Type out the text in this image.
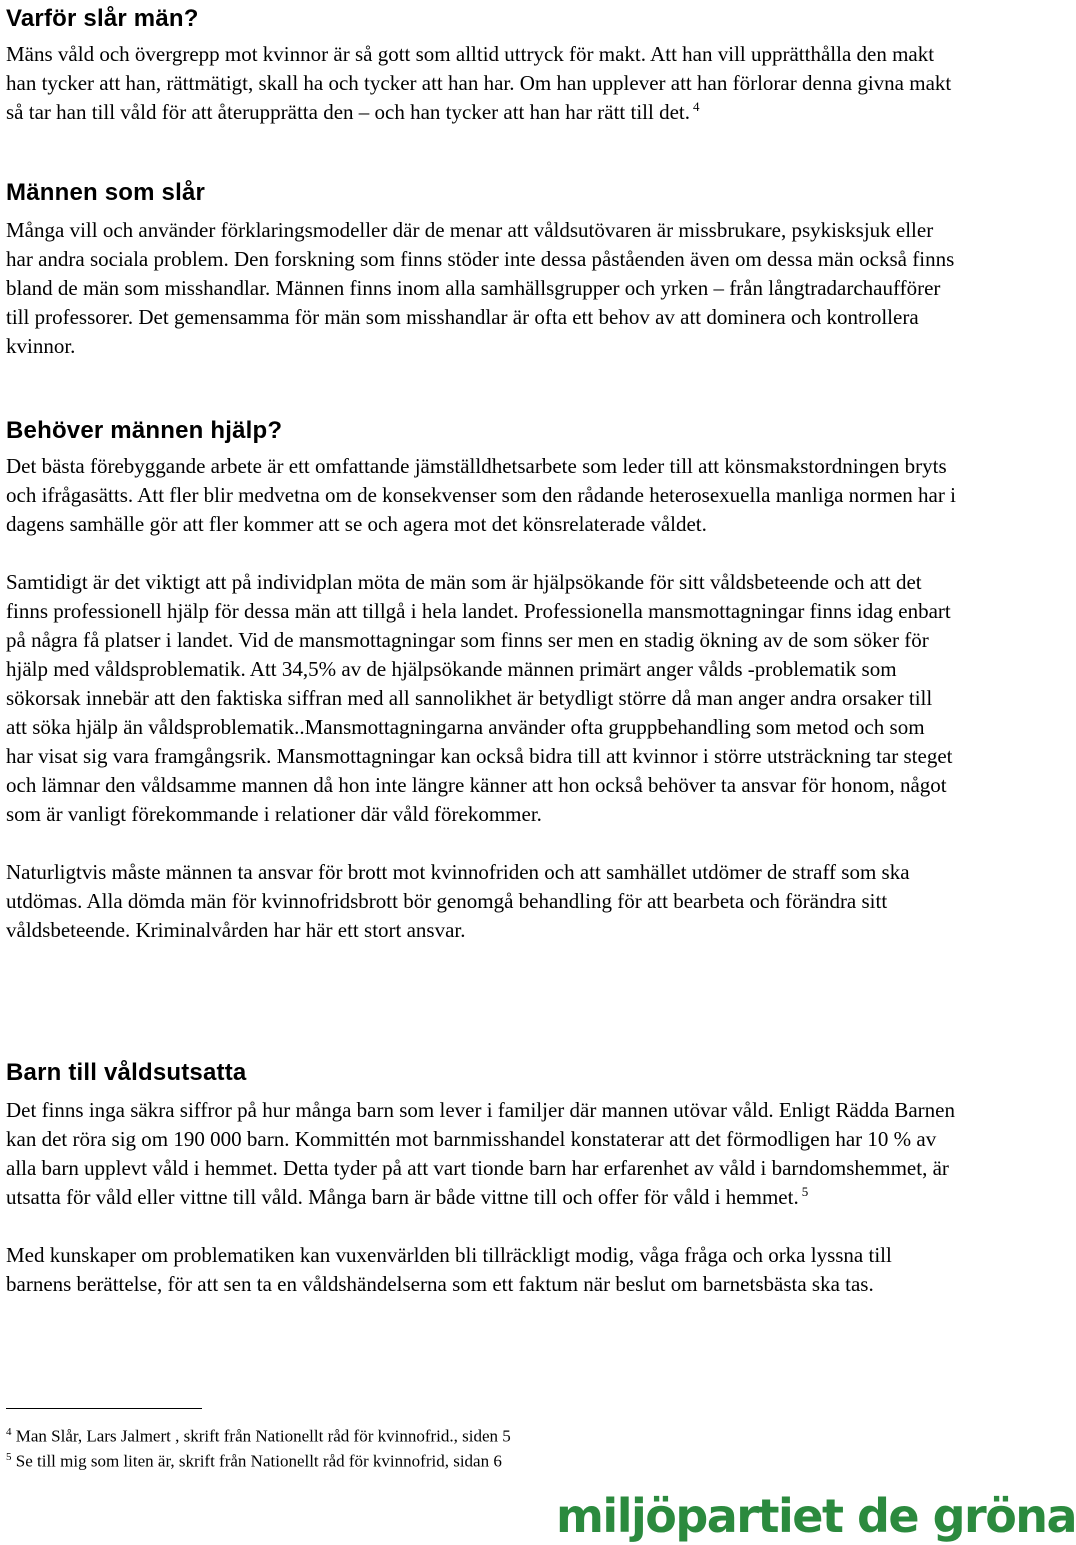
Varför slår män?

Mäns våld och övergrepp mot kvinnor är så gott som alltid uttryck för makt. Att han vill upprätthålla den makt han tycker att han, rättmätigt, skall ha och tycker att han har. Om han upplever att han förlorar denna givna makt så tar han till våld för att återupprätta den – och han tycker att han har rätt till det. $^4$

Männen som slår

Många vill och använder förklaringsmodeller där de menar att våldsutövaren är missbrukare, psykisksjuk eller har andra sociala problem. Den forskning som finns stöder inte dessa påståenden även om dessa män också finns bland de män som misshandlar. Männen finns inom alla samhällsgrupper och yrken – från långtradarchaufförer till professorer. Det gemensamma för män som misshandlar är ofta ett behov av att dominera och kontrollera kvinnor.

Behöver männen hjälp?

Det bästa förebyggande arbete är ett omfattande jämställdhetsarbete som leder till att könsmakstordningen bryts och ifrågasätts. Att fler blir medvetna om de konsekvenser som den rådande heterosexuella manliga normen har i dagens samhälle gör att fler kommer att se och agera mot det könsrelaterade våldet.

Samtidigt är det viktigt att på individplan möta de män som är hjälpsökande för sitt våldsbeteende och att det finns professionell hjälp för dessa män att tillgå i hela landet. Professionella mansmottagningar finns idag enbart på några få platser i landet. Vid de mansmottagningar som finns ser men en stadig ökning av de som söker för hjälp med våldsproblematik. Att 34,5% av de hjälpsökande männen primärt anger vålds -problematik som sökorsak innebär att den faktiska siffran med all sannolikhet är betydligt större då man anger andra orsaker till att söka hjälp än våldsproblematik..Mansmottagningarna använder ofta gruppbehandling som metod och som har visat sig vara framgångsrik. Mansmottagningar kan också bidra till att kvinnor i större utsträckning tar steget och lämnar den våldsamme mannen då hon inte längre känner att hon också behöver ta ansvar för honom, något som är vanligt förekommande i relationer där våld förekommer.

Naturligtvis måste männen ta ansvar för brott mot kvinnofriden och att samhället utdömer de straff som ska utdömas. Alla dömda män för kvinnofridsbrott bör genomgå behandling för att bearbeta och förändra sitt våldsbeteende. Kriminalvården har här ett stort ansvar.

Barn till våldsutsatta

Det finns inga säkra siffror på hur många barn som lever i familjer där mannen utövar våld. Enligt Rädda Barnen kan det röra sig om 190 000 barn. Kommittén mot barnmisshandel konstaterar att det förmodligen har 10 % av alla barn upplevt våld i hemmet. Detta tyder på att vart tionde barn har erfarenhet av våld i barndomshemmet, är utsatta för våld eller vittne till våld. Många barn är både vittne till och offer för våld i hemmet. $^5$

Med kunskaper om problematiken kan vuxenvärlden bli tillräckligt modig, våga fråga och orka lyssna till barnens berättelse, för att sen ta en våldshändelserna som ett faktum när beslut om barnetsbästa ska tas.

$^4$ Man Slår, Lars Jalmert , skrift från Nationellt råd för kvinnofrid., siden 5
$^5$ Se till mig som liten är, skrift från Nationellt råd för kvinnofrid, sidan 6
miljöpartiet de gröna
